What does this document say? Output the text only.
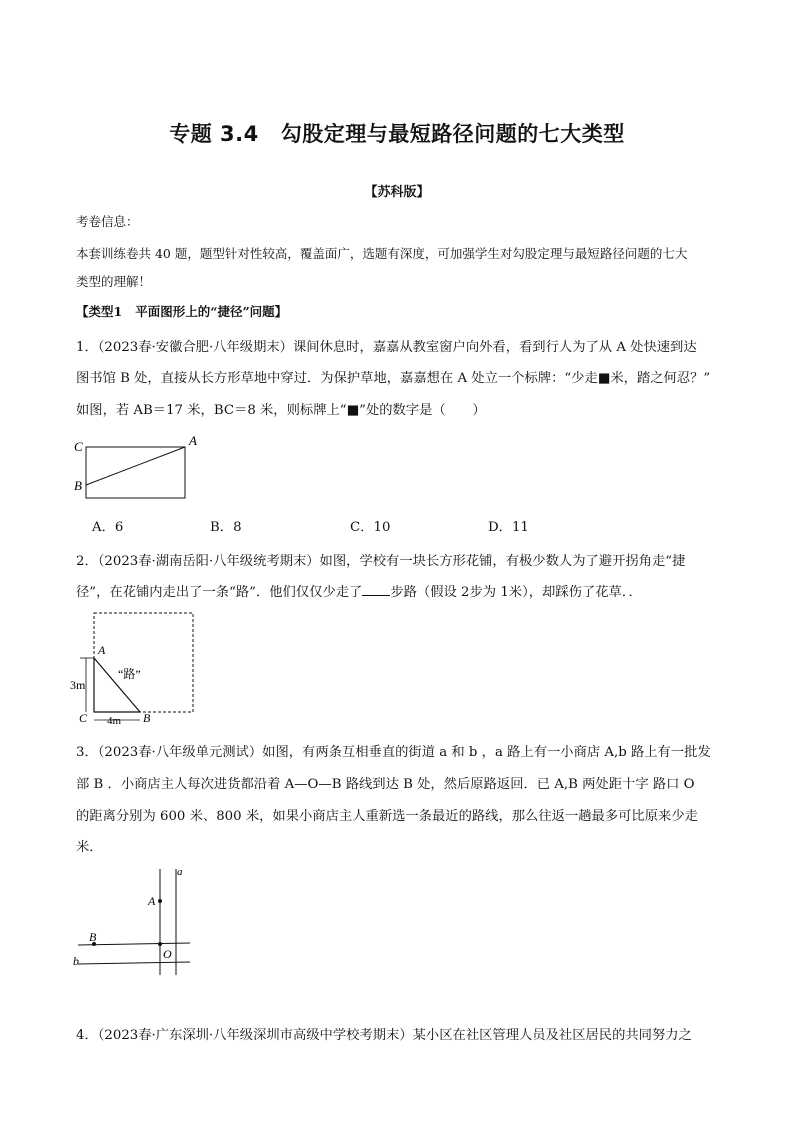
专题 3.4 勾股定理与最短路径问题的七大类型
【苏科版】
考卷信息：
本套训练卷共 40 题，题型针对性较高，覆盖面广，选题有深度，可加强学生对勾股定理与最短路径问题的七大
类型的理解！
【类型1 平面图形上的“捷径”问题】
1．（2023春·安徽合肥·八年级期末）课间休息时，嘉嘉从教室窗户向外看，看到行人为了从 A 处快速到达
图书馆 B 处，直接从长方形草地中穿过．为保护草地，嘉嘉想在 A 处立一个标牌：“少走■米，踏之何忍？”
如图，若 AB＝17 米，BC＝8 米，则标牌上“■”处的数字是（　　）
C	A
B
A．6	B．8	C．10	D．11
2．（2023春·湖南岳阳·八年级统考期末）如图，学校有一块长方形花铺，有极少数人为了避开拐角走“捷
径”，在花铺内走出了一条“路”．他们仅仅少走了 步路（假设 2步为 1米），却踩伤了花草．．
A
“路”
3m
C 4m B
3．（2023春·八年级单元测试）如图，有两条互相垂直的街道 a 和 b ，a 路上有一小商店 A,b 路上有一批发
部 B ．小商店主人每次进货都沿着 A—O—B 路线到达 B 处，然后原路返回．已 A,B 两处距十字 路口 O
的距离分别为 600 米、800 米，如果小商店主人重新选一条最近的路线，那么往返一趟最多可比原来少走
米．
a
A
B
b	O
4．（2023春·广东深圳·八年级深圳市高级中学校考期末）某小区在社区管理人员及社区居民的共同努力之
